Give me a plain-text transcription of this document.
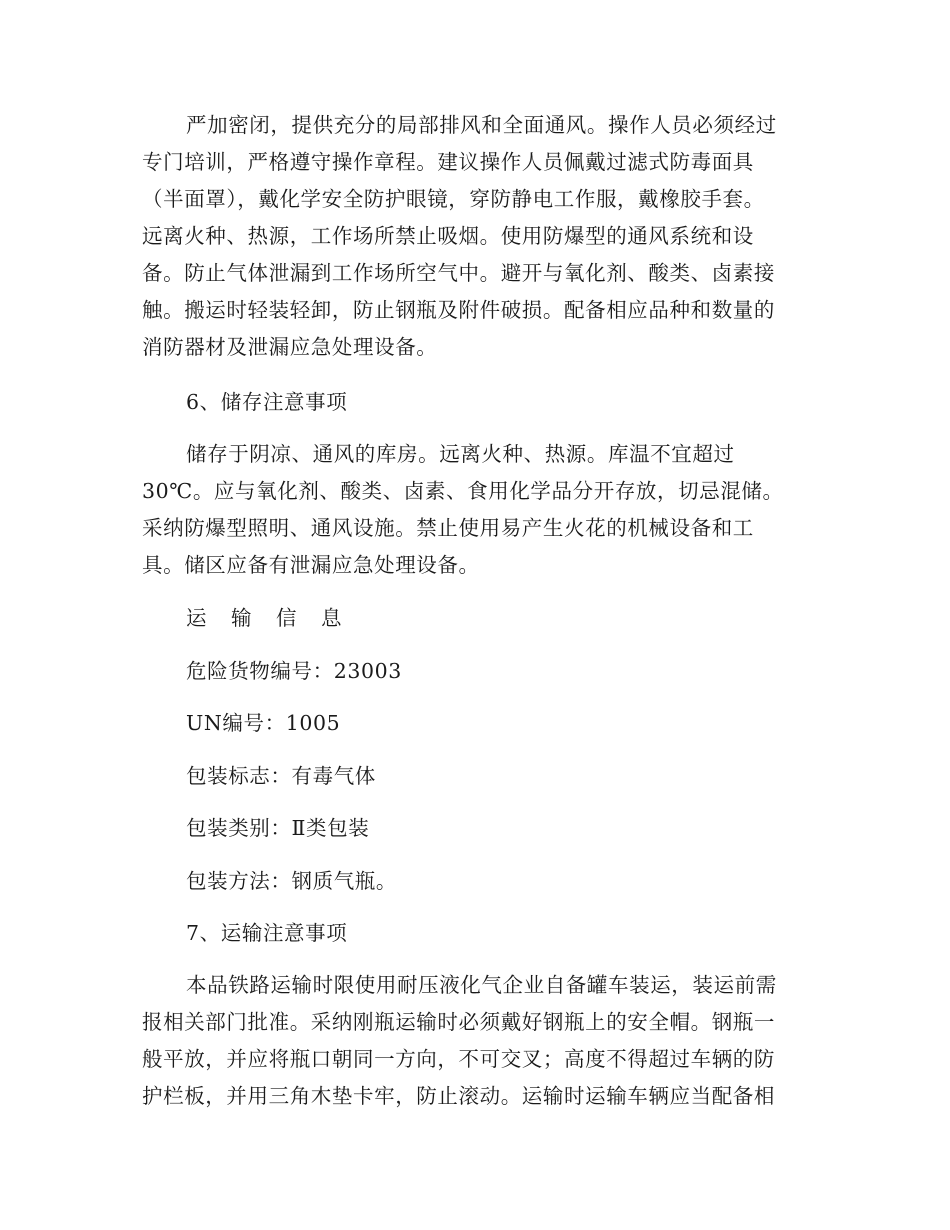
严加密闭，提供充分的局部排风和全面通风。操作人员必须经过
专门培训，严格遵守操作章程。建议操作人员佩戴过滤式防毒面具
（半面罩），戴化学安全防护眼镜，穿防静电工作服，戴橡胶手套。
远离火种、热源，工作场所禁止吸烟。使用防爆型的通风系统和设
备。防止气体泄漏到工作场所空气中。避开与氧化剂、酸类、卤素接
触。搬运时轻装轻卸，防止钢瓶及附件破损。配备相应品种和数量的
消防器材及泄漏应急处理设备。
6、储存注意事项
储存于阴凉、通风的库房。远离火种、热源。库温不宜超过
30℃。应与氧化剂、酸类、卤素、食用化学品分开存放，切忌混储。
采纳防爆型照明、通风设施。禁止使用易产生火花的机械设备和工
具。储区应备有泄漏应急处理设备。
运 输 信 息
危险货物编号：23003
UN编号：1005
包装标志：有毒气体
包装类别：Ⅱ类包装
包装方法：钢质气瓶。
7、运输注意事项
本品铁路运输时限使用耐压液化气企业自备罐车装运，装运前需
报相关部门批准。采纳刚瓶运输时必须戴好钢瓶上的安全帽。钢瓶一
般平放，并应将瓶口朝同一方向，不可交叉；高度不得超过车辆的防
护栏板，并用三角木垫卡牢，防止滚动。运输时运输车辆应当配备相
